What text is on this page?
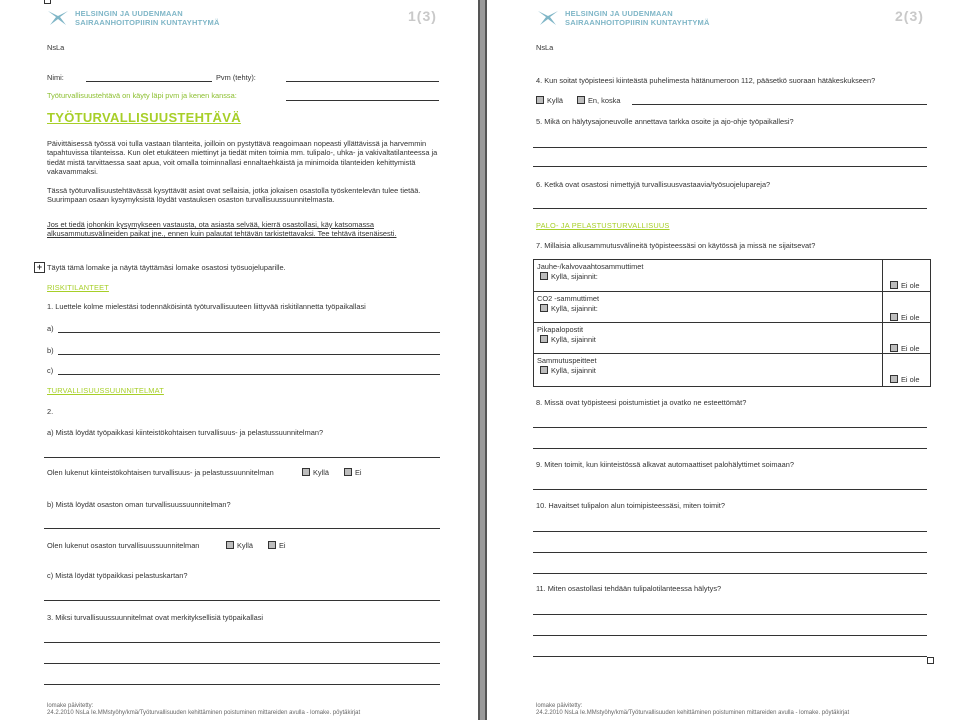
HELSINGIN JA UUDENMAAN
SAIRAANHOITOPIIRIN KUNTAYHTYMÄ	1(3)
NsLa
Nimi:	Pvm (tehty):
Työturvallisuustehtävä on käyty läpi pvm ja kenen kanssa:
TYÖTURVALLISUUSTEHTÄVÄ
Päivittäisessä työssä voi tulla vastaan tilanteita, joilloin on pystyttävä reagoimaan nopeasti yllättävissä ja harvemmin tapahtuvissa tilanteissa. Kun olet etukäteen miettinyt ja tiedät miten toimia mm. tulipalo-, uhka- ja vakivaltatilanteessa ja tiedät mistä tarvittaessa saat apua, voit omalla toiminnallasi ennaltaehkäistä ja minimoida tilanteiden kehittymistä vakavammaksi.
Tässä työturvallisuustehtävässä kysyttävät asiat ovat sellaisia, jotka jokaisen osastolla työskentelevän tulee tietää. Suurimpaan osaan kysymyksistä löydät vastauksen osaston turvallisuussuunnitelmasta.
Jos et tiedä johonkin kysymykseen vastausta, ota asiasta selvää, kierrä osastollasi, käy katsomassa alkusammutusvälineiden paikat jne., ennen kuin palautat tehtävän tarkistettavaksi. Tee tehtävä itsenäisesti.
+ Täytä tämä lomake ja näytä täyttämäsi lomake osastosi työsuojeluparille.
RISKITILANTEET
1. Luettele kolme mielestäsi todennäköisintä työturvallisuuteen liittyvää riskitilannetta työpaikallasi
a)
b)
c)
TURVALLISUUSSUUNNITELMAT
2.
a) Mistä löydät työpaikkasi kiinteistökohtaisen turvallisuus- ja pelastussuunnitelman?
Olen lukenut kiinteistökohtaisen turvallisuus- ja pelastussuunnitelman	Kyllä	Ei
b) Mistä löydät osaston oman turvallisuussuunnitelman?
Olen lukenut osaston turvallisuussuunnitelman	Kyllä	Ei
c) Mistä löydät työpaikkasi pelastuskartan?
3. Miksi turvallisuussuunnitelmat ovat merkityksellisiä työpaikallasi
lomake päivitetty:
24.2.2010 NsLa Ie.MMstyöhy/kmä/Työturvallisuuden kehittäminen poistuminen mittareiden avulla - lomake. pöytäkirjat
HELSINGIN JA UUDENMAAN
SAIRAANHOITOPIIRIN KUNTAYHTYMÄ	2(3)
NsLa
4. Kun soitat työpisteesi kiinteästä puhelimesta hätänumeroon 112, pääsetkö suoraan hätäkeskukseen?
Kyllä	En, koska
5. Mikä on hälytysajoneuvolle annettava tarkka osoite ja ajo-ohje työpaikallesi?
6. Ketkä ovat osastosi nimettyjä turvallisuusvastaavia/työsuojelupareja?
PALO- JA PELASTUSTURVALLISUUS
7. Millaisia alkusammutusvälineitä työpisteessäsi on käytössä ja missä ne sijaitsevat?
Jauhe-/kalvovaahtosammuttimet
Kyllä, sijainnit:
Ei ole
CO2 -sammuttimet
Kyllä, sijainnit:
Ei ole
Pikapalopostit
Kyllä, sijainnit
Ei ole
Sammutuspeitteet
Kyllä, sijainnit
Ei ole
8. Missä ovat työpisteesi poistumistiet ja ovatko ne esteettömät?
9. Miten toimit, kun kiinteistössä alkavat automaattiset palohälyttimet soimaan?
10. Havaitset tulipalon alun toimipisteessäsi, miten toimit?
11. Miten osastollasi tehdään tulipalotilanteessa hälytys?
lomake päivitetty:
24.2.2010 NsLa Ie.MMstyöhy/kmä/Työturvallisuuden kehittäminen poistuminen mittareiden avulla - lomake. pöytäkirjat
